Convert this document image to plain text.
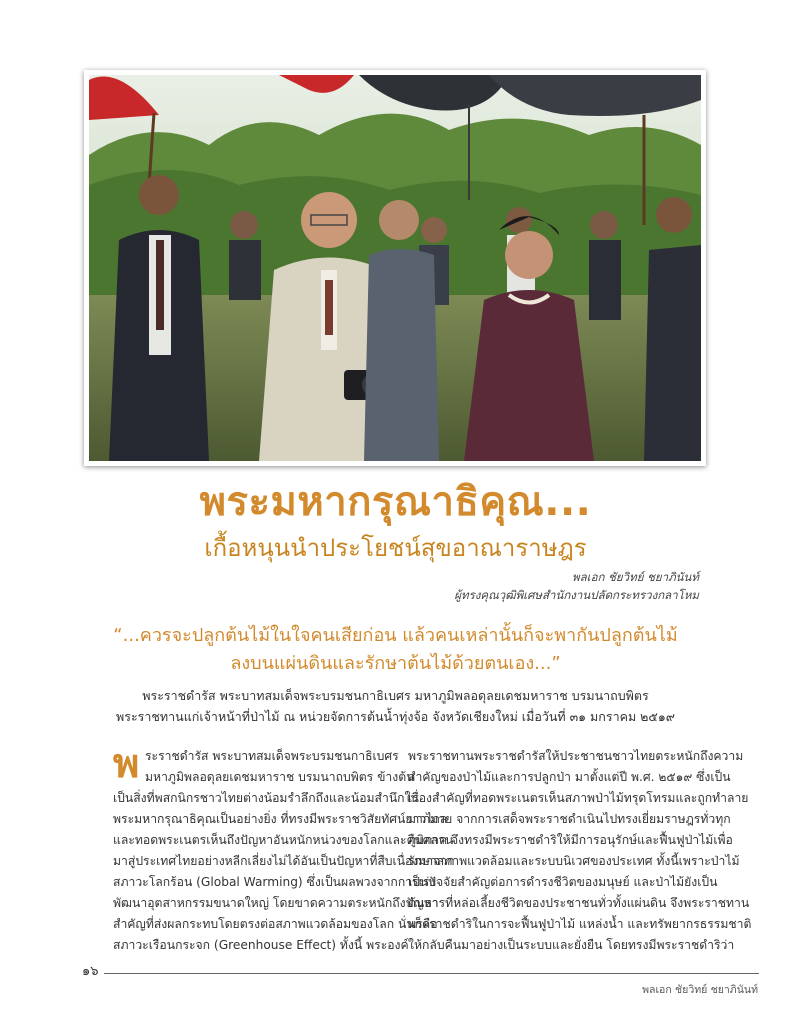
พระมหากรุณาธิคุณ...
เกื้อหนุนนำประโยชน์สุขอาณาราษฎร
พลเอก ชัยวิทย์ ชยาภินันท์
ผู้ทรงคุณวุฒิพิเศษสำนักงานปลัดกระทรวงกลาโหม
“...ควรจะปลูกต้นไม้ในใจคนเสียก่อน แล้วคนเหล่านั้นก็จะพากันปลูกต้นไม้
ลงบนแผ่นดินและรักษาต้นไม้ด้วยตนเอง...”
พระราชดำรัส พระบาทสมเด็จพระบรมชนกาธิเบศร มหาภูมิพลอดุลยเดชมหาราช บรมนาถบพิตร
พระราชทานแก่เจ้าหน้าที่ป่าไม้ ณ หน่วยจัดการต้นน้ำทุ่งจ้อ จังหวัดเชียงใหม่ เมื่อวันที่ ๓๑ มกราคม ๒๕๑๙
พ ระราชดำรัส พระบาทสมเด็จพระบรมชนกาธิเบศร
มหาภูมิพลอดุลยเดชมหาราช บรมนาถบพิตร ข้างต้น
เป็นสิ่งที่พสกนิกรชาวไทยต่างน้อมรำลึกถึงและน้อมสำนึกใน
พระมหากรุณาธิคุณเป็นอย่างยิ่ง ที่ทรงมีพระราชวิสัยทัศน์ยาวไกล
และทอดพระเนตรเห็นถึงปัญหาอันหนักหน่วงของโลกและคืบคลาน
มาสู่ประเทศไทยอย่างหลีกเลี่ยงไม่ได้อันเป็นปัญหาที่สืบเนื่องมาจาก
สภาวะโลกร้อน (Global Warming) ซึ่งเป็นผลพวงจากการเร่ง
พัฒนาอุตสาหกรรมขนาดใหญ่ โดยขาดความตระหนักถึงปัญหา
สำคัญที่ส่งผลกระทบโดยตรงต่อสภาพแวดล้อมของโลก นั่นก็คือ
สภาวะเรือนกระจก (Greenhouse Effect) ทั้งนี้ พระองค์
พระราชทานพระราชดำรัสให้ประชาชนชาวไทยตระหนักถึงความ
สำคัญของป่าไม้และการปลูกป่า มาตั้งแต่ปี พ.ศ. ๒๕๑๙ ซึ่งเป็น
เรื่องสำคัญที่ทอดพระเนตรเห็นสภาพป่าไม้ทรุดโทรมและถูกทำลาย
มากมาย จากการเสด็จพระราชดำเนินไปทรงเยี่ยมราษฎรทั่วทุก
ภูมิภาค จึงทรงมีพระราชดำริให้มีการอนุรักษ์และฟื้นฟูป่าไม้เพื่อ
รักษาสภาพแวดล้อมและระบบนิเวศของประเทศ ทั้งนี้เพราะป่าไม้
เป็นปัจจัยสำคัญต่อการดำรงชีวิตของมนุษย์ และป่าไม้ยังเป็น
ต้นธารที่หล่อเลี้ยงชีวิตของประชาชนทั่วทั้งแผ่นดิน จึงพระราชทาน
พระราชดำริในการจะฟื้นฟูป่าไม้ แหล่งน้ำ และทรัพยากรธรรมชาติ
ให้กลับคืนมาอย่างเป็นระบบและยั่งยืน โดยทรงมีพระราชดำริว่า
๑๖
พลเอก ชัยวิทย์ ชยาภินันท์
